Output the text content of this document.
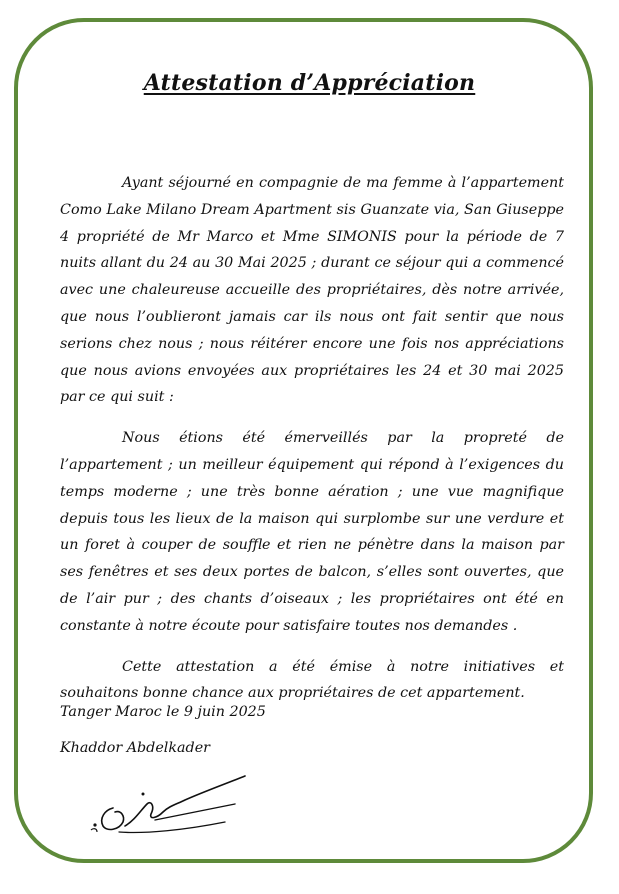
Attestation d’Appréciation

Ayant séjourné en compagnie de ma femme à l’appartement Como Lake Milano Dream Apartment sis Guanzate via, San Giuseppe 4 propriété de Mr Marco et Mme SIMONIS pour la période de 7 nuits allant du 24 au 30 Mai 2025 ; durant ce séjour qui a commencé avec une chaleureuse accueille des propriétaires, dès notre arrivée, que nous l’oublieront jamais car ils nous ont fait sentir que nous serions chez nous ; nous réitérer encore une fois nos appréciations que nous avions envoyées aux propriétaires les 24 et 30 mai 2025 par ce qui suit :

Nous étions été émerveillés par la propreté de l’appartement ; un meilleur équipement qui répond à l’exigences du temps moderne ; une très bonne aération ; une vue magnifique depuis tous les lieux de la maison qui surplombe sur une verdure et un foret à couper de souffle et rien ne pénètre dans la maison par ses fenêtres et ses deux portes de balcon, s’elles sont ouvertes, que de l’air pur ; des chants d’oiseaux ; les propriétaires ont été en constante à notre écoute pour satisfaire toutes nos demandes .

Cette attestation a été émise à notre initiatives et souhaitons bonne chance aux propriétaires de cet appartement.

Tanger Maroc le 9 juin 2025
Khaddor Abdelkader
